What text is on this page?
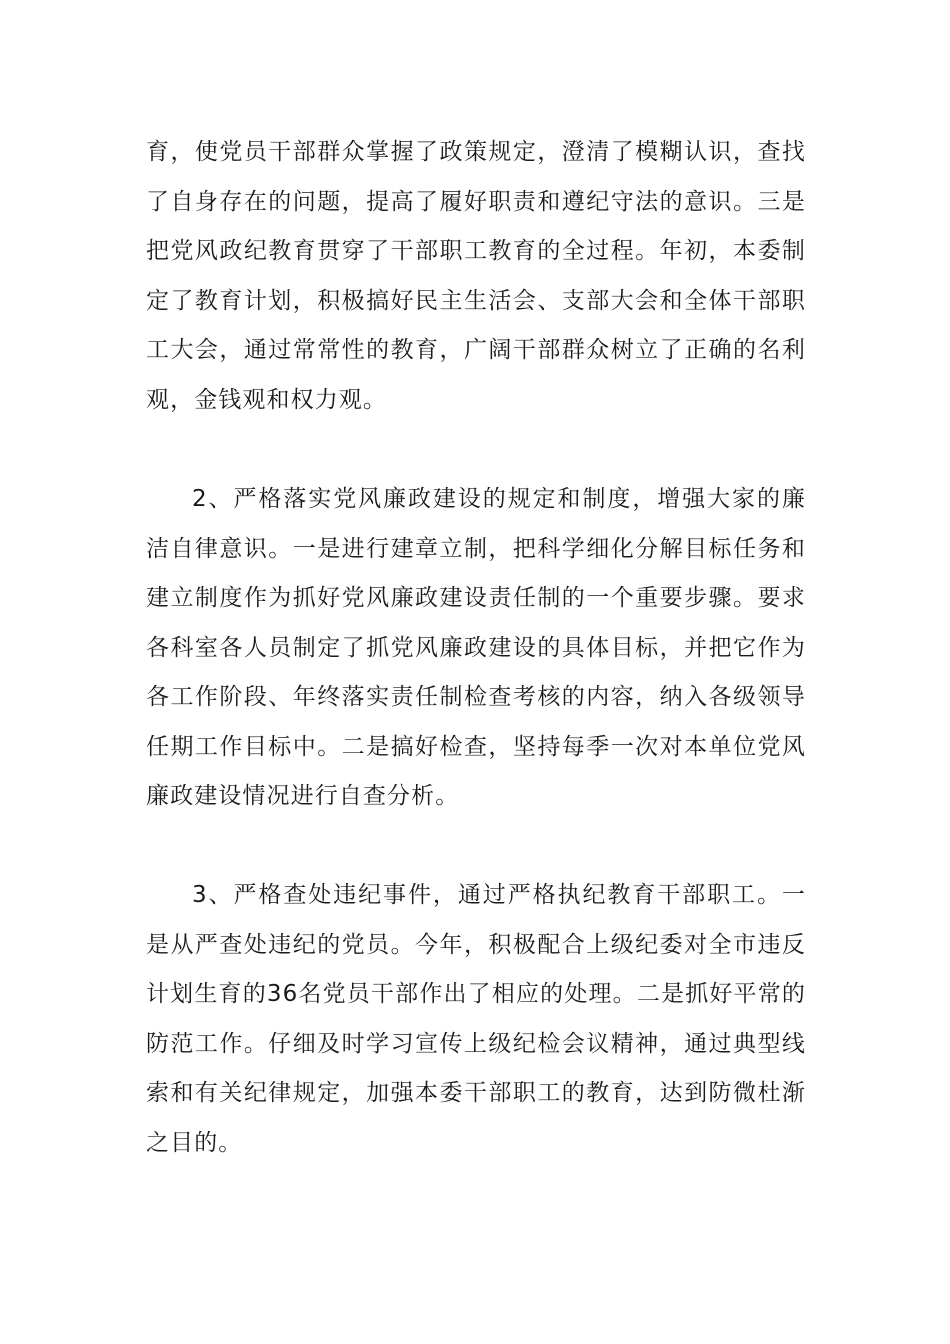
育，使党员干部群众掌握了政策规定，澄清了模糊认识，查找了自身存在的问题，提高了履好职责和遵纪守法的意识。三是把党风政纪教育贯穿了干部职工教育的全过程。年初，本委制定了教育计划，积极搞好民主生活会、支部大会和全体干部职工大会，通过常常性的教育，广阔干部群众树立了正确的名利观，金钱观和权力观。

2、严格落实党风廉政建设的规定和制度，增强大家的廉洁自律意识。一是进行建章立制，把科学细化分解目标任务和建立制度作为抓好党风廉政建设责任制的一个重要步骤。要求各科室各人员制定了抓党风廉政建设的具体目标，并把它作为各工作阶段、年终落实责任制检查考核的内容，纳入各级领导任期工作目标中。二是搞好检查，坚持每季一次对本单位党风廉政建设情况进行自查分析。

3、严格查处违纪事件，通过严格执纪教育干部职工。一是从严查处违纪的党员。今年，积极配合上级纪委对全市违反计划生育的36名党员干部作出了相应的处理。二是抓好平常的防范工作。仔细及时学习宣传上级纪检会议精神，通过典型线索和有关纪律规定，加强本委干部职工的教育，达到防微杜渐之目的。
